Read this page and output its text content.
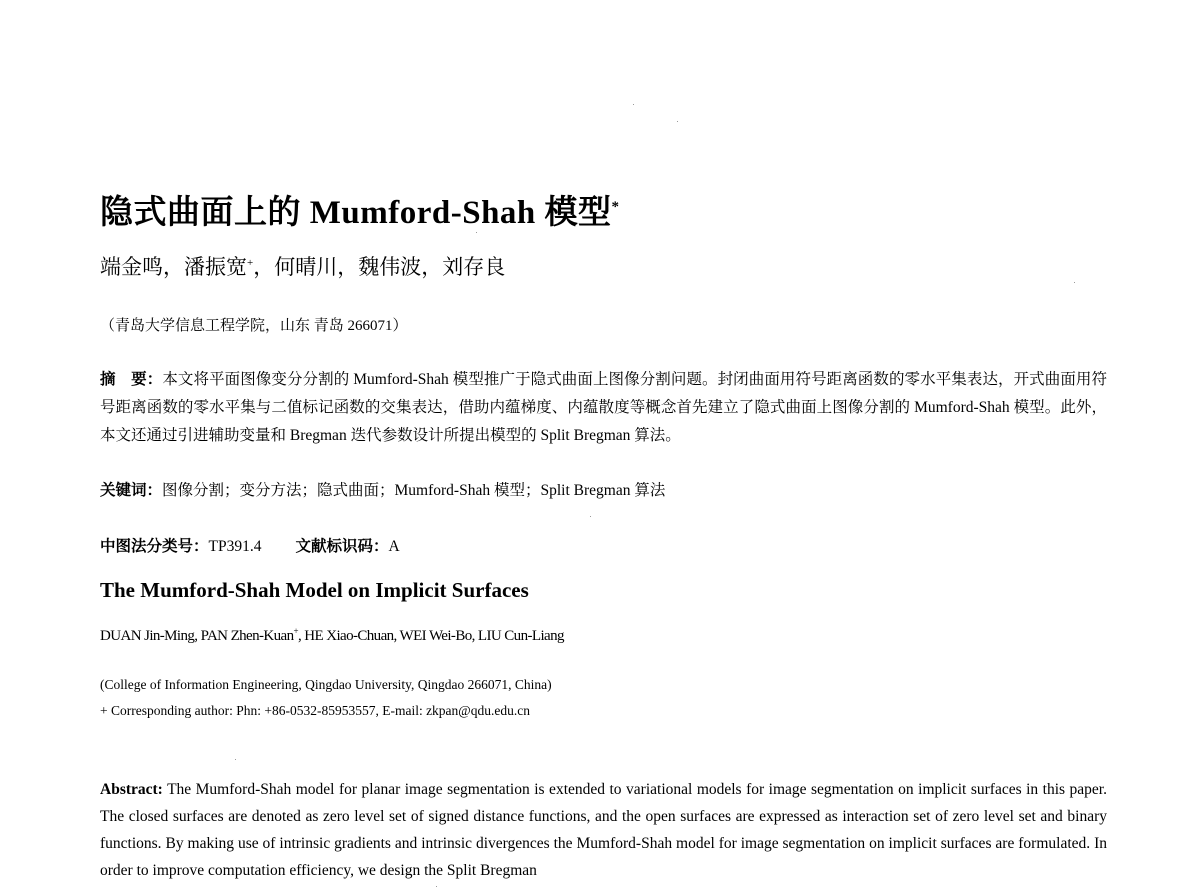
隐式曲面上的 Mumford-Shah 模型*
端金鸣，潘振宽+，何晴川，魏伟波，刘存良
（青岛大学信息工程学院，山东 青岛 266071）
摘　要：本文将平面图像变分分割的 Mumford-Shah 模型推广于隐式曲面上图像分割问题。封闭曲面用符号距离函数的零水平集表达，开式曲面用符号距离函数的零水平集与二值标记函数的交集表达，借助内蕴梯度、内蕴散度等概念首先建立了隐式曲面上图像分割的 Mumford-Shah 模型。此外，本文还通过引进辅助变量和 Bregman 迭代参数设计所提出模型的 Split Bregman 算法。
关键词：图像分割；变分方法；隐式曲面；Mumford-Shah 模型；Split Bregman 算法
中图法分类号：TP391.4 文献标识码：A
The Mumford-Shah Model on Implicit Surfaces
DUAN Jin-Ming, PAN Zhen-Kuan+, HE Xiao-Chuan, WEI Wei-Bo, LIU Cun-Liang
(College of Information Engineering, Qingdao University, Qingdao 266071, China)
+ Corresponding author: Phn: +86-0532-85953557, E-mail: zkpan@qdu.edu.cn
Abstract: The Mumford-Shah model for planar image segmentation is extended to variational models for image segmentation on implicit surfaces in this paper. The closed surfaces are denoted as zero level set of signed distance functions, and the open surfaces are expressed as interaction set of zero level set and binary functions. By making use of intrinsic gradients and intrinsic divergences the Mumford-Shah model for image segmentation on implicit surfaces are formulated. In order to improve computation efficiency, we design the Split Bregman
